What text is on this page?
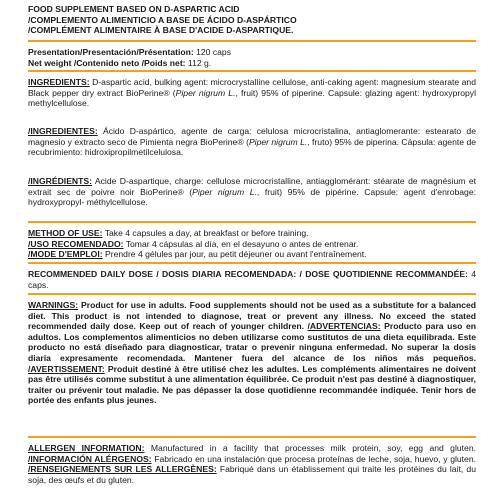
FOOD SUPPLEMENT BASED ON D-ASPARTIC ACID

/COMPLEMENTO ALIMENTICIO A BASE DE ÁCIDO D-ASPÁRTICO

/COMPLÉMENT ALIMENTAIRE À BASE D'ACIDE D-ASPARTIQUE.

Presentation/Presentación/Présentation: 120 caps

Net weight /Contenido neto /Poids net: 112 g.

INGREDIENTS: D-aspartic acid, bulking agent: microcrystalline cellulose, anti-caking agent: magnesium stearate and Black pepper dry extract BioPerine® (Piper nigrum L., fruit) 95% of piperine. Capsule: glazing agent: hydroxypropyl methylcellulose.

/INGREDIENTES: Ácido D-aspártico, agente de carga: celulosa microcristalina, antiaglomerante: estearato de magnesio y extracto seco de Pimienta negra BioPerine® (Piper nigrum L., fruto) 95% de piperina. Cápsula: agente de recubrimiento: hidroxipropilmetilcelulosa.

/INGRÉDIENTS: Acide D-aspartique, charge: cellulose microcristalline, antiagglomérant: stéarate de magnésium et extrait sec de poivre noir BioPerine® (Piper nigrum L., fruit) 95% de pipérine. Capsule: agent d'enrobage: hydroxypropyl- méthylcellulose.

METHOD OF USE: Take 4 capsules a day, at breakfast or before training.

/USO RECOMENDADO: Tomar 4 cápsulas al día, en el desayuno o antes de entrenar.

/MODE D'EMPLOI: Prendre 4 gélules par jour, au petit déjeuner ou avant l'entraînement.

RECOMMENDED DAILY DOSE / DOSIS DIARIA RECOMENDADA: / DOSE QUOTIDIENNE RECOMMANDÉE: 4 caps.

WARNINGS: Product for use in adults. Food supplements should not be used as a substitute for a balanced diet. This product is not intended to diagnose, treat or prevent any illness. No exceed the stated recommended daily dose. Keep out of reach of younger children. /ADVERTENCIAS: Producto para uso en adultos. Los complementos alimenticios no deben utilizarse como sustitutos de una dieta equilibrada. Este producto no está diseñado para diagnosticar, tratar o prevenir ninguna enfermedad. No superar la dosis diaria expresamente recomendada. Mantener fuera del alcance de los niños más pequeños. /AVERTISSEMENT: Produit destiné à être utilisé chez les adultes. Les compléments alimentaires ne doivent pas être utilisés comme substitut à une alimentation équilibrée. Ce produit n'est pas destiné à diagnostiquer, traiter ou prévenir tout maladie. Ne pas dépasser la dose quotidienne recommandée indiquée. Tenir hors de portée des enfants plus jeunes.

ALLERGEN INFORMATION: Manufactured in a facility that processes milk protein, soy, egg and gluten. /INFORMACIÓN ALÉRGENOS: Fabricado en una instalación que procesa proteínas de leche, soja, huevo, y gluten. /RENSEIGNEMENTS SUR LES ALLERGÈNES: Fabriqué dans un établissement qui traite les protéines du lait, du soja, des œufs et du gluten.
